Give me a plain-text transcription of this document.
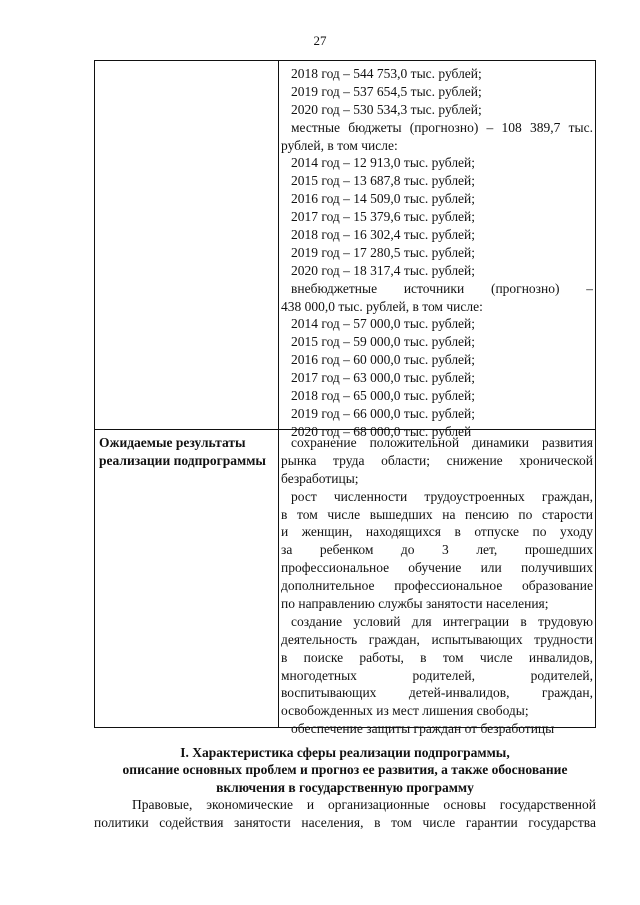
27
2018 год – 544 753,0 тыс. рублей;
2019 год – 537 654,5 тыс. рублей;
2020 год – 530 534,3 тыс. рублей;
местные бюджеты (прогнозно) – 108 389,7 тыс.
рублей, в том числе:
2014 год – 12 913,0 тыс. рублей;
2015 год – 13 687,8 тыс. рублей;
2016 год – 14 509,0 тыс. рублей;
2017 год – 15 379,6 тыс. рублей;
2018 год – 16 302,4 тыс. рублей;
2019 год – 17 280,5 тыс. рублей;
2020 год – 18 317,4 тыс. рублей;
внебюджетные источники (прогнозно) –
438 000,0 тыс. рублей, в том числе:
2014 год – 57 000,0 тыс. рублей;
2015 год – 59 000,0 тыс. рублей;
2016 год – 60 000,0 тыс. рублей;
2017 год – 63 000,0 тыс. рублей;
2018 год – 65 000,0 тыс. рублей;
2019 год – 66 000,0 тыс. рублей;
2020 год – 68 000,0 тыс. рублей
Ожидаемые результаты реализации подпрограммы
сохранение положительной динамики развития
рынка труда области; снижение хронической
безработицы;
рост численности трудоустроенных граждан,
в том числе вышедших на пенсию по старости
и женщин, находящихся в отпуске по уходу
за ребенком до 3 лет, прошедших
профессиональное обучение или получивших
дополнительное профессиональное образование
по направлению службы занятости населения;
создание условий для интеграции в трудовую
деятельность граждан, испытывающих трудности
в поиске работы, в том числе инвалидов,
многодетных родителей, родителей,
воспитывающих детей-инвалидов, граждан,
освобожденных из мест лишения свободы;
обеспечение защиты граждан от безработицы
I. Характеристика сферы реализации подпрограммы,
описание основных проблем и прогноз ее развития, а также обоснование
включения в государственную программу
Правовые, экономические и организационные основы государственной
политики содействия занятости населения, в том числе гарантии государства
